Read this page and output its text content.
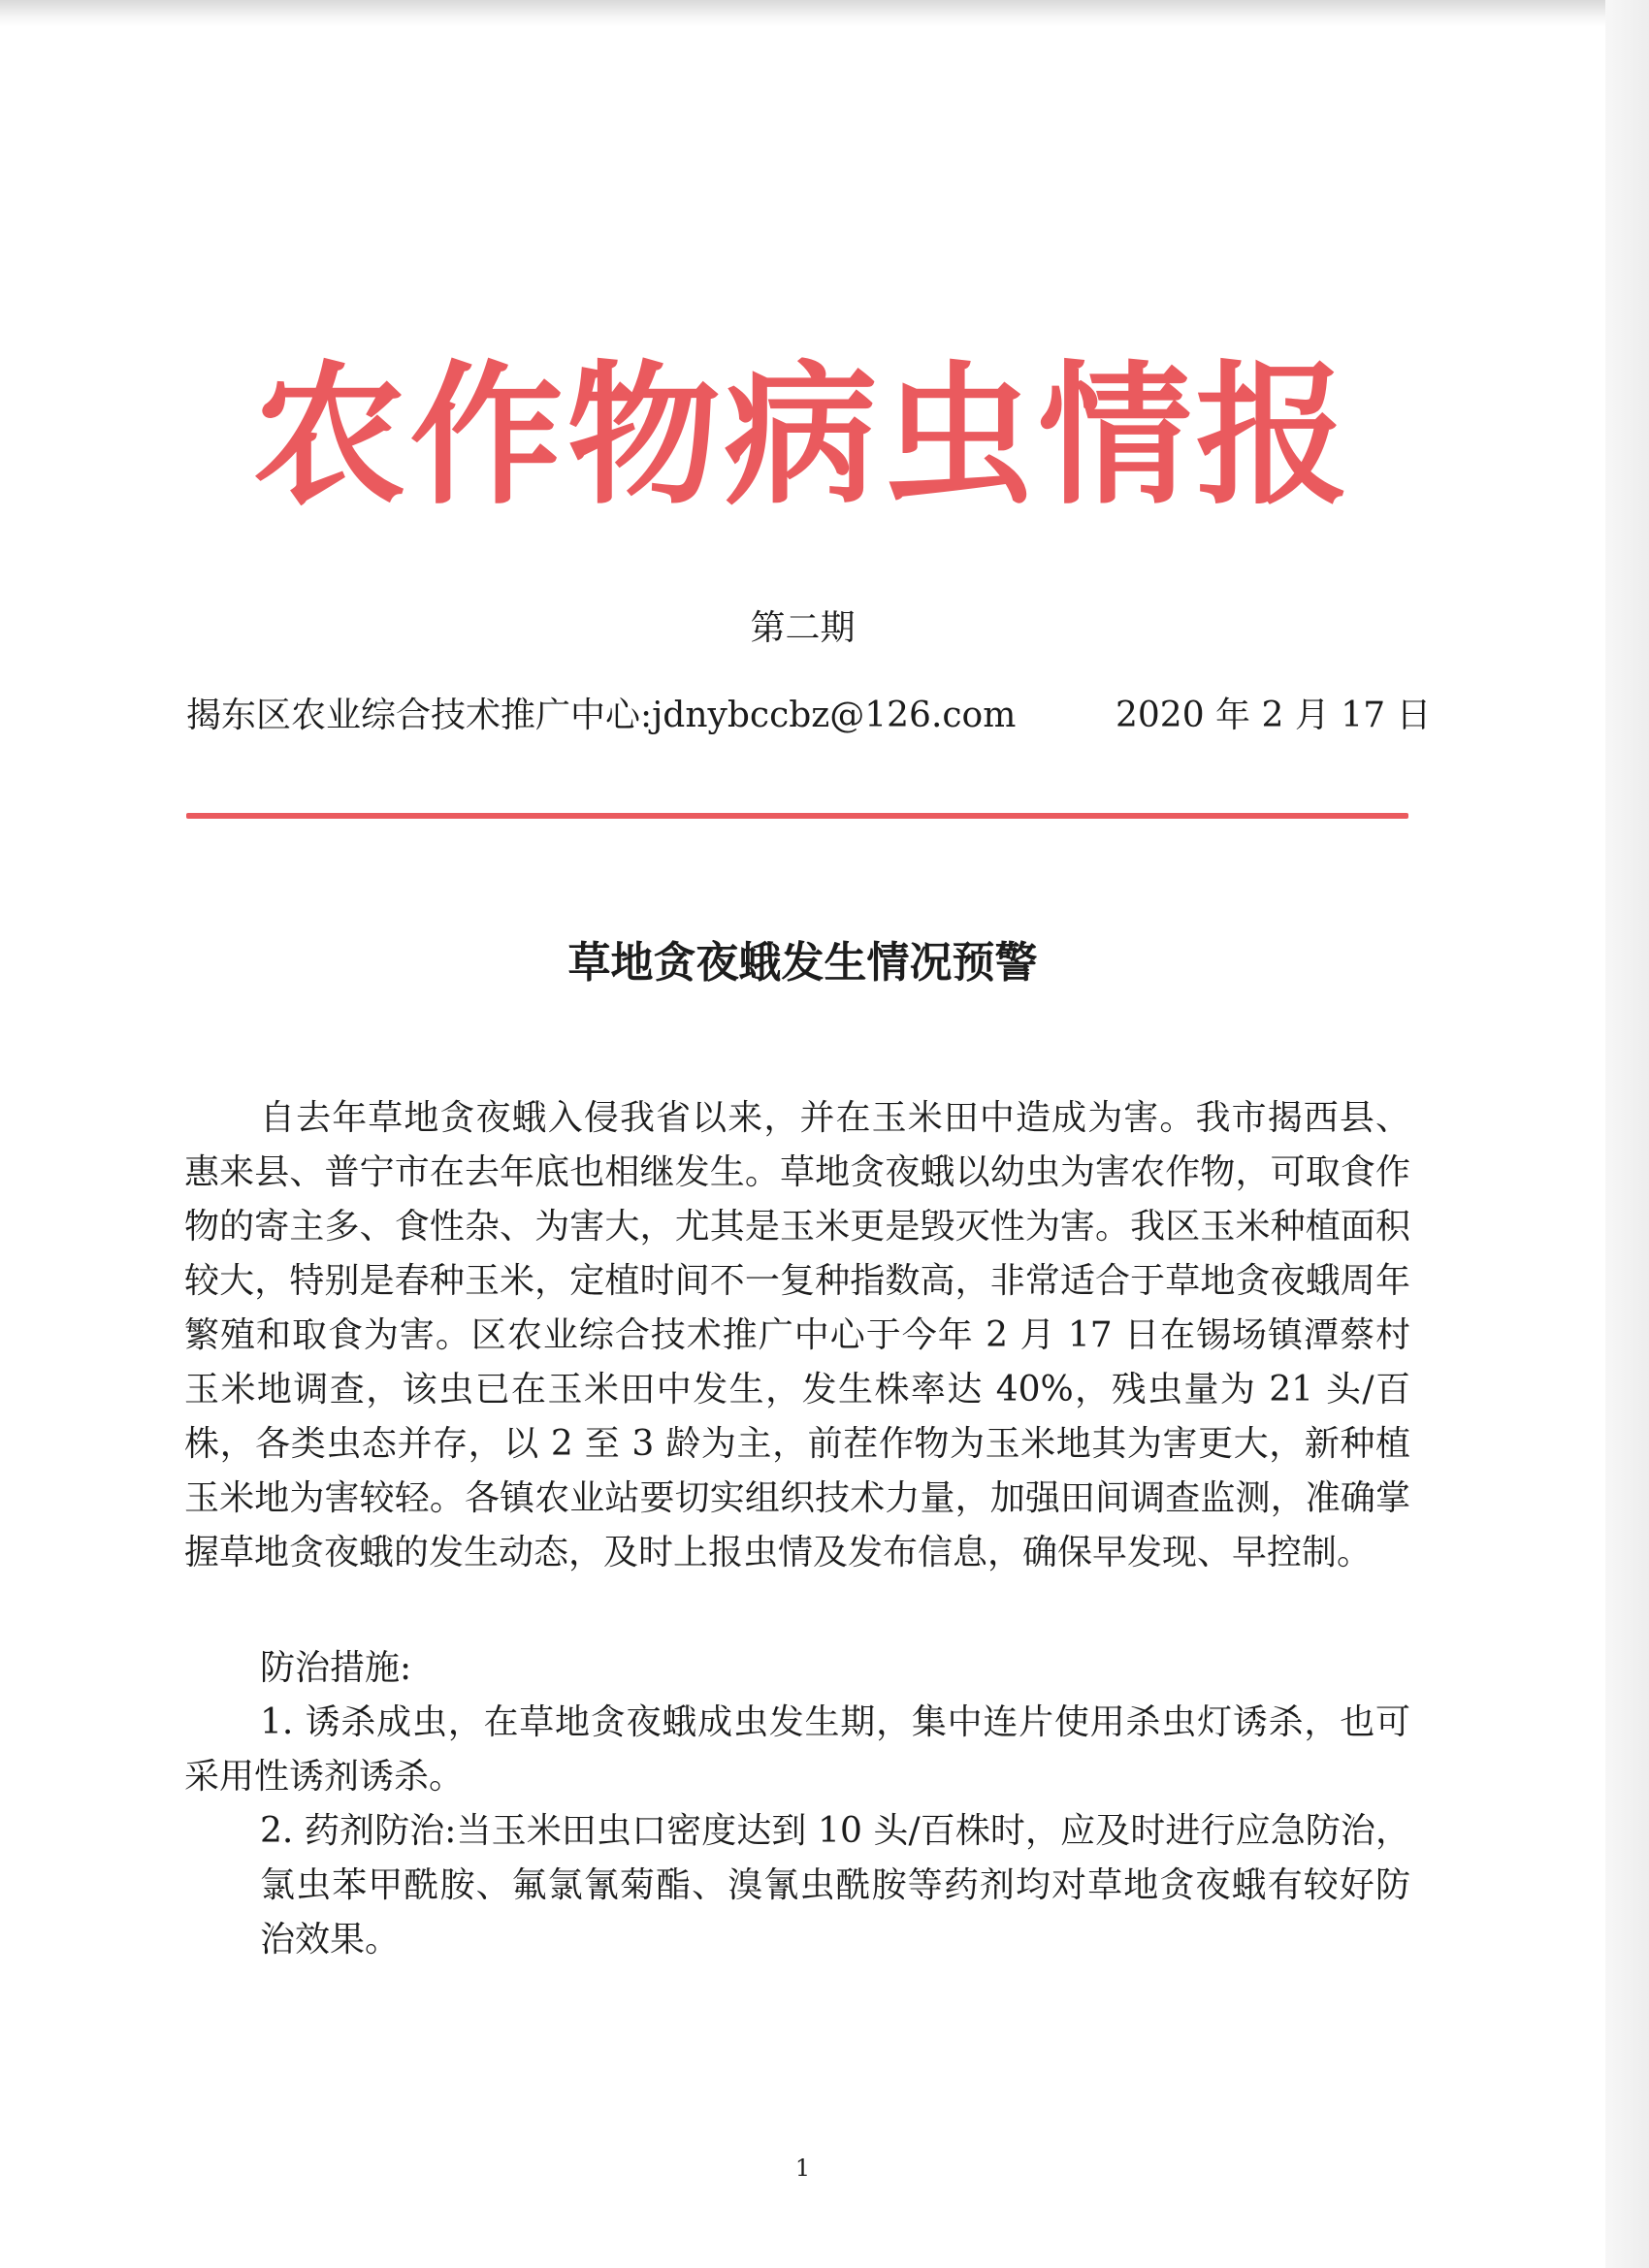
农作物病虫情报
第二期
揭东区农业综合技术推广中心:jdnybccbz@126.com	2020 年 2 月 17 日
草地贪夜蛾发生情况预警
自去年草地贪夜蛾入侵我省以来，并在玉米田中造成为害。我市揭西县、惠来县、普宁市在去年底也相继发生。草地贪夜蛾以幼虫为害农作物，可取食作物的寄主多、食性杂、为害大，尤其是玉米更是毁灭性为害。我区玉米种植面积较大，特别是春种玉米，定植时间不一复种指数高，非常适合于草地贪夜蛾周年繁殖和取食为害。区农业综合技术推广中心于今年 2 月 17 日在锡场镇潭蔡村玉米地调查，该虫已在玉米田中发生，发生株率达 40%，残虫量为 21 头/百株，各类虫态并存，以 2 至 3 龄为主，前茬作物为玉米地其为害更大，新种植玉米地为害较轻。各镇农业站要切实组织技术力量，加强田间调查监测，准确掌握草地贪夜蛾的发生动态，及时上报虫情及发布信息，确保早发现、早控制。
防治措施:
1. 诱杀成虫，在草地贪夜蛾成虫发生期，集中连片使用杀虫灯诱杀，也可采用性诱剂诱杀。
2. 药剂防治:当玉米田虫口密度达到 10 头/百株时，应及时进行应急防治，氯虫苯甲酰胺、氟氯氰菊酯、溴氰虫酰胺等药剂均对草地贪夜蛾有较好防治效果。
1
